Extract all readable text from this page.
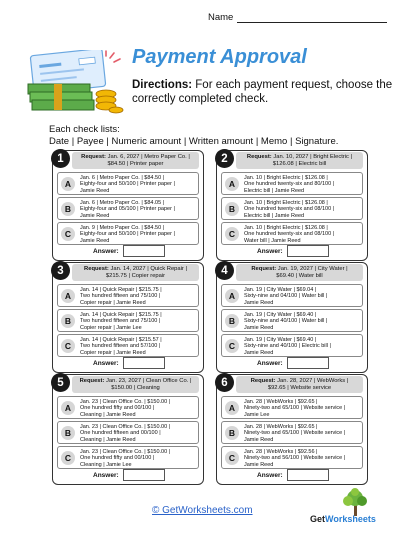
Name
Payment Approval
Directions: For each payment request, choose the correctly completed check.
Each check lists:
Date | Payee | Numeric amount | Written amount | Memo | Signature.
1	Request: Jan. 6, 2027 | Metro Paper Co. |
$84.50 | Printer paper
A
Jan. 6 | Metro Paper Co. | $84.50 |
Eighty-four and 50/100 | Printer paper |
Jamie Reed
B
Jan. 6 | Metro Paper Co. | $84.05 |
Eighty-four and 05/100 | Printer paper |
Jamie Reed
C
Jan. 9 | Metro Paper Co. | $84.50 |
Eighty-four and 50/100 | Printer paper |
Jamie Reed
Answer:
2	Request: Jan. 10, 2027 | Bright Electric |
$126.08 | Electric bill
A
Jan. 10 | Bright Electric | $126.08 |
One hundred twenty-six and 80/100 |
Electric bill | Jamie Reed
B
Jan. 10 | Bright Electric | $126.08 |
One hundred twenty-six and 08/100 |
Electric bill | Jamie Reed
C
Jan. 10 | Bright Electric | $126.08 |
One hundred twenty-six and 08/100 |
Water bill | Jamie Reed
Answer:
3	Request: Jan. 14, 2027 | Quick Repair |
$215.75 | Copier repair
A
Jan. 14 | Quick Repair | $215.75 |
Two hundred fifteen and 75/100 |
Copier repair | Jamie Reed
B
Jan. 14 | Quick Repair | $215.75 |
Two hundred fifteen and 75/100 |
Copier repair | Jamie Lee
C
Jan. 14 | Quick Repair | $215.57 |
Two hundred fifteen and 57/100 |
Copier repair | Jamie Reed
Answer:
4	Request: Jan. 19, 2027 | City Water |
$69.40 | Water bill
A
Jan. 19 | City Water | $69.04 |
Sixty-nine and 04/100 | Water bill |
Jamie Reed
B
Jan. 19 | City Water | $69.40 |
Sixty-nine and 40/100 | Water bill |
Jamie Reed
C
Jan. 19 | City Water | $69.40 |
Sixty-nine and 40/100 | Electric bill |
Jamie Reed
Answer:
5	Request: Jan. 23, 2027 | Clean Office Co. |
$150.00 | Cleaning
A
Jan. 23 | Clean Office Co. | $150.00 |
One hundred fifty and 00/100 |
Cleaning | Jamie Reed
B
Jan. 23 | Clean Office Co. | $150.00 |
One hundred fifteen and 00/100 |
Cleaning | Jamie Reed
C
Jan. 23 | Clean Office Co. | $150.00 |
One hundred fifty and 00/100 |
Cleaning | Jamie Lee
Answer:
6	Request: Jan. 28, 2027 | WebWorks |
$92.65 | Website service
A
Jan. 28 | WebWorks | $92.65 |
Ninety-two and 65/100 | Website service |
Jamie Lee
B
Jan. 28 | WebWorks | $92.65 |
Ninety-two and 65/100 | Website service |
Jamie Reed
C
Jan. 28 | WebWorks | $92.56 |
Ninety-two and 56/100 | Website service |
Jamie Reed
Answer:
© GetWorksheets.com
GetWorksheets
